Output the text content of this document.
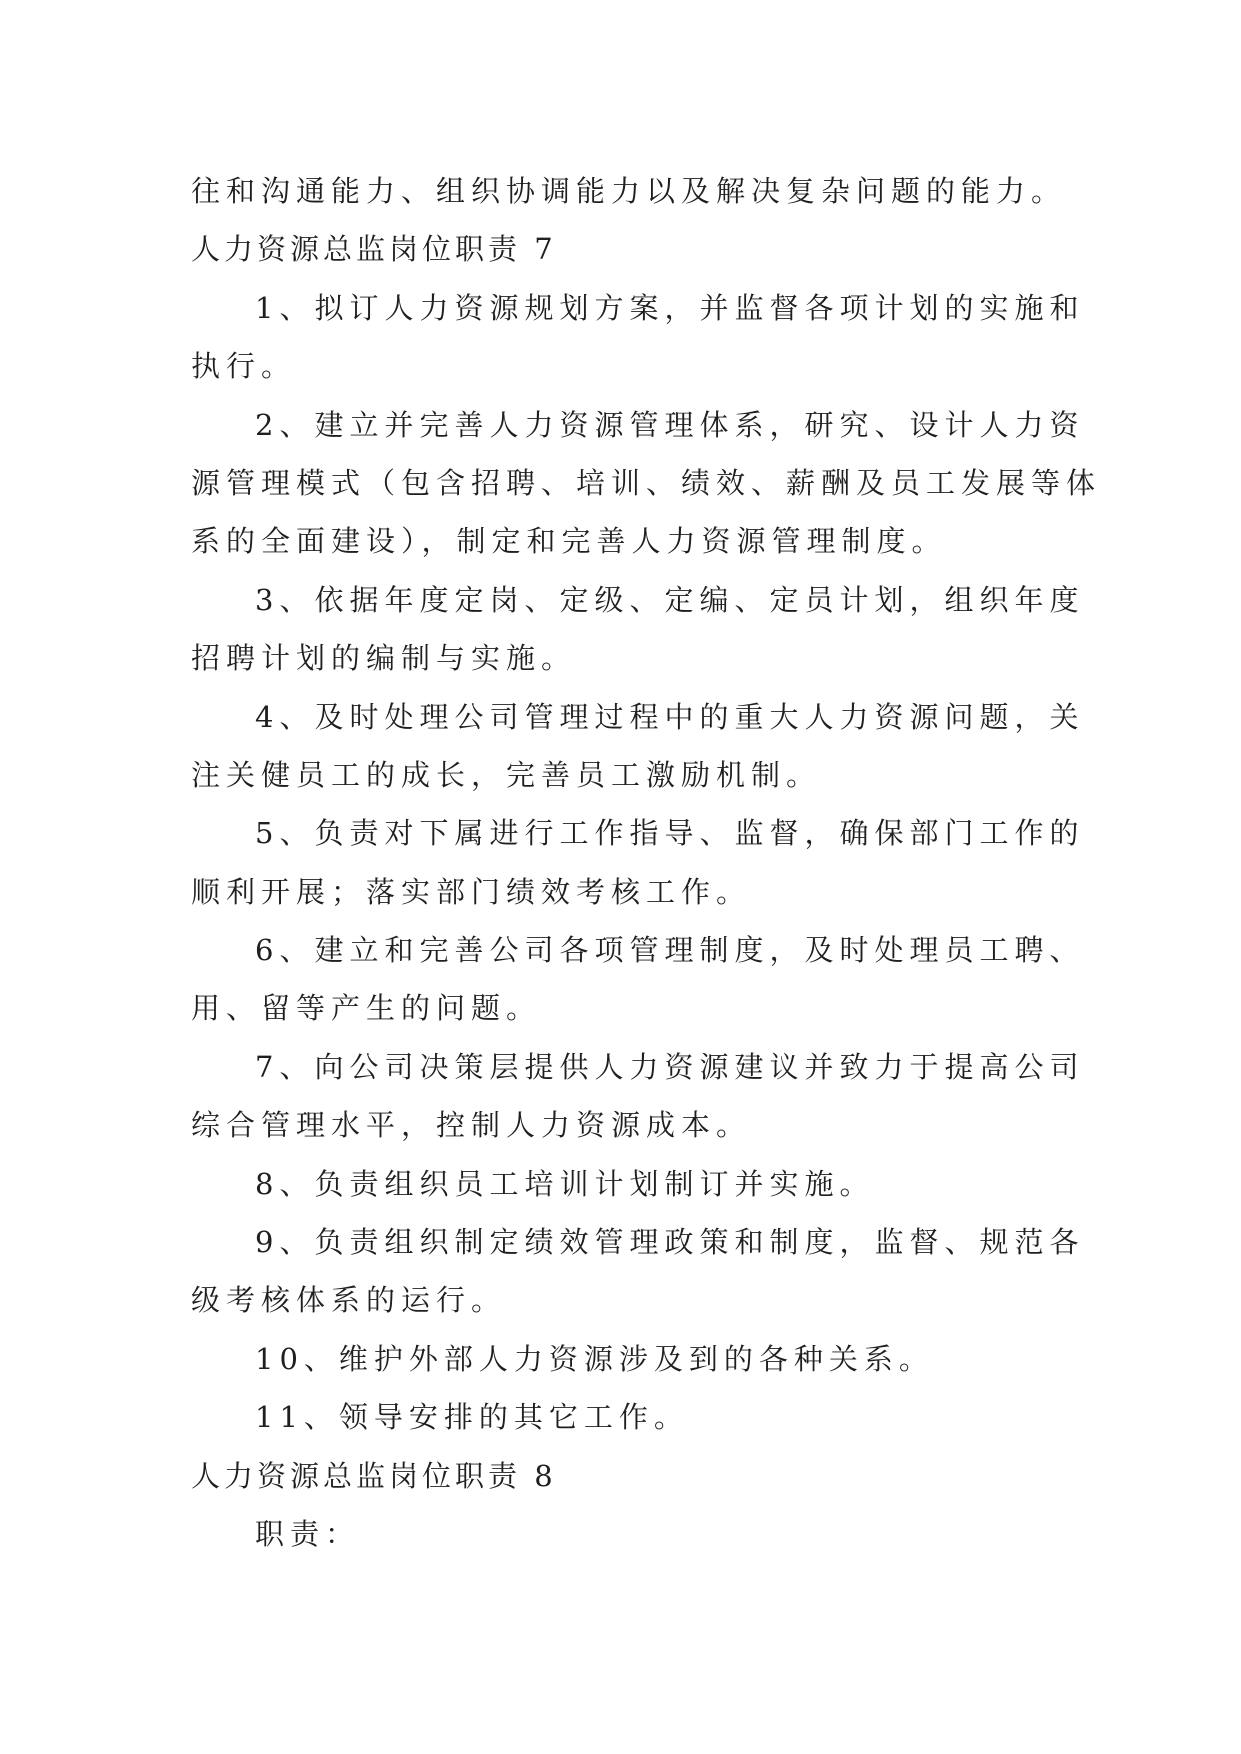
往和沟通能力、组织协调能力以及解决复杂问题的能力。
人力资源总监岗位职责 7
1、拟订人力资源规划方案，并监督各项计划的实施和
执行。
2、建立并完善人力资源管理体系，研究、设计人力资
源管理模式（包含招聘、培训、绩效、薪酬及员工发展等体
系的全面建设），制定和完善人力资源管理制度。
3、依据年度定岗、定级、定编、定员计划，组织年度
招聘计划的编制与实施。
4、及时处理公司管理过程中的重大人力资源问题，关
注关健员工的成长，完善员工激励机制。
5、负责对下属进行工作指导、监督，确保部门工作的
顺利开展；落实部门绩效考核工作。
6、建立和完善公司各项管理制度，及时处理员工聘、
用、留等产生的问题。
7、向公司决策层提供人力资源建议并致力于提高公司
综合管理水平，控制人力资源成本。
8、负责组织员工培训计划制订并实施。
9、负责组织制定绩效管理政策和制度，监督、规范各
级考核体系的运行。
10、维护外部人力资源涉及到的各种关系。
11、领导安排的其它工作。
人力资源总监岗位职责 8
职责：
